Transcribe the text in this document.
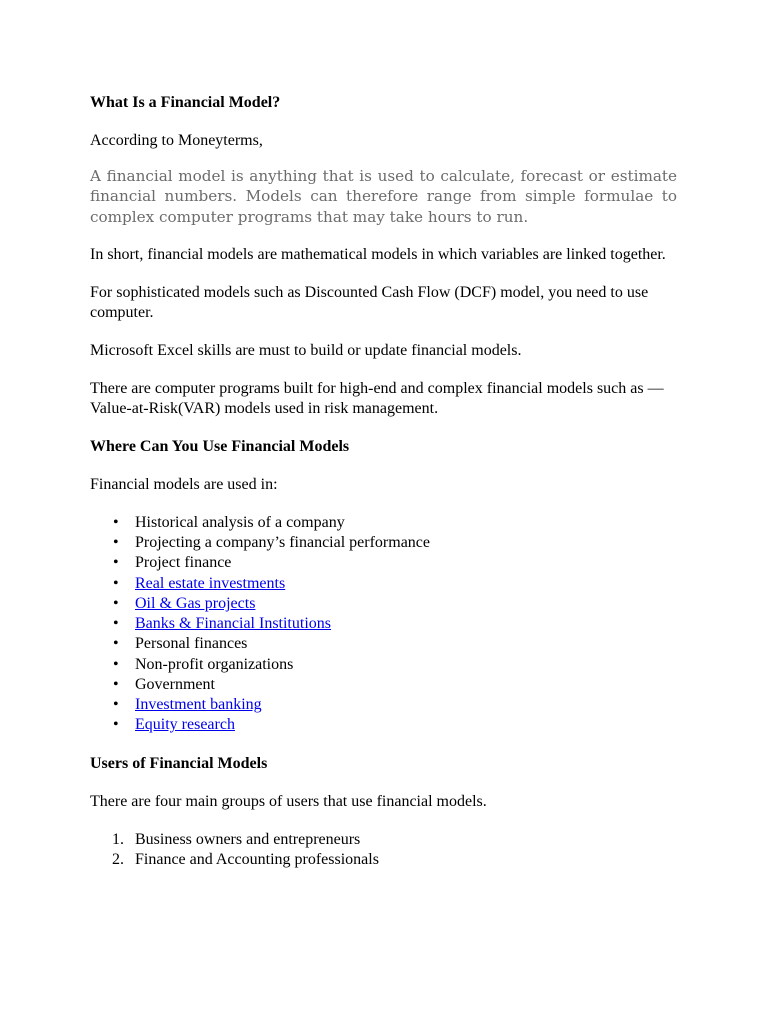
What Is a Financial Model?

According to Moneyterms,

A financial model is anything that is used to calculate, forecast or estimate financial numbers. Models can therefore range from simple formulae to complex computer programs that may take hours to run.

In short, financial models are mathematical models in which variables are linked together.

For sophisticated models such as Discounted Cash Flow (DCF) model, you need to use computer.

Microsoft Excel skills are must to build or update financial models.

There are computer programs built for high-end and complex financial models such as —Value-at-Risk(VAR) models used in risk management.

Where Can You Use Financial Models

Financial models are used in:

• Historical analysis of a company
• Projecting a company’s financial performance
• Project finance
• Real estate investments
• Oil & Gas projects
• Banks & Financial Institutions
• Personal finances
• Non-profit organizations
• Government
• Investment banking
• Equity research
Users of Financial Models

There are four main groups of users that use financial models.

1. Business owners and entrepreneurs
2. Finance and Accounting professionals
